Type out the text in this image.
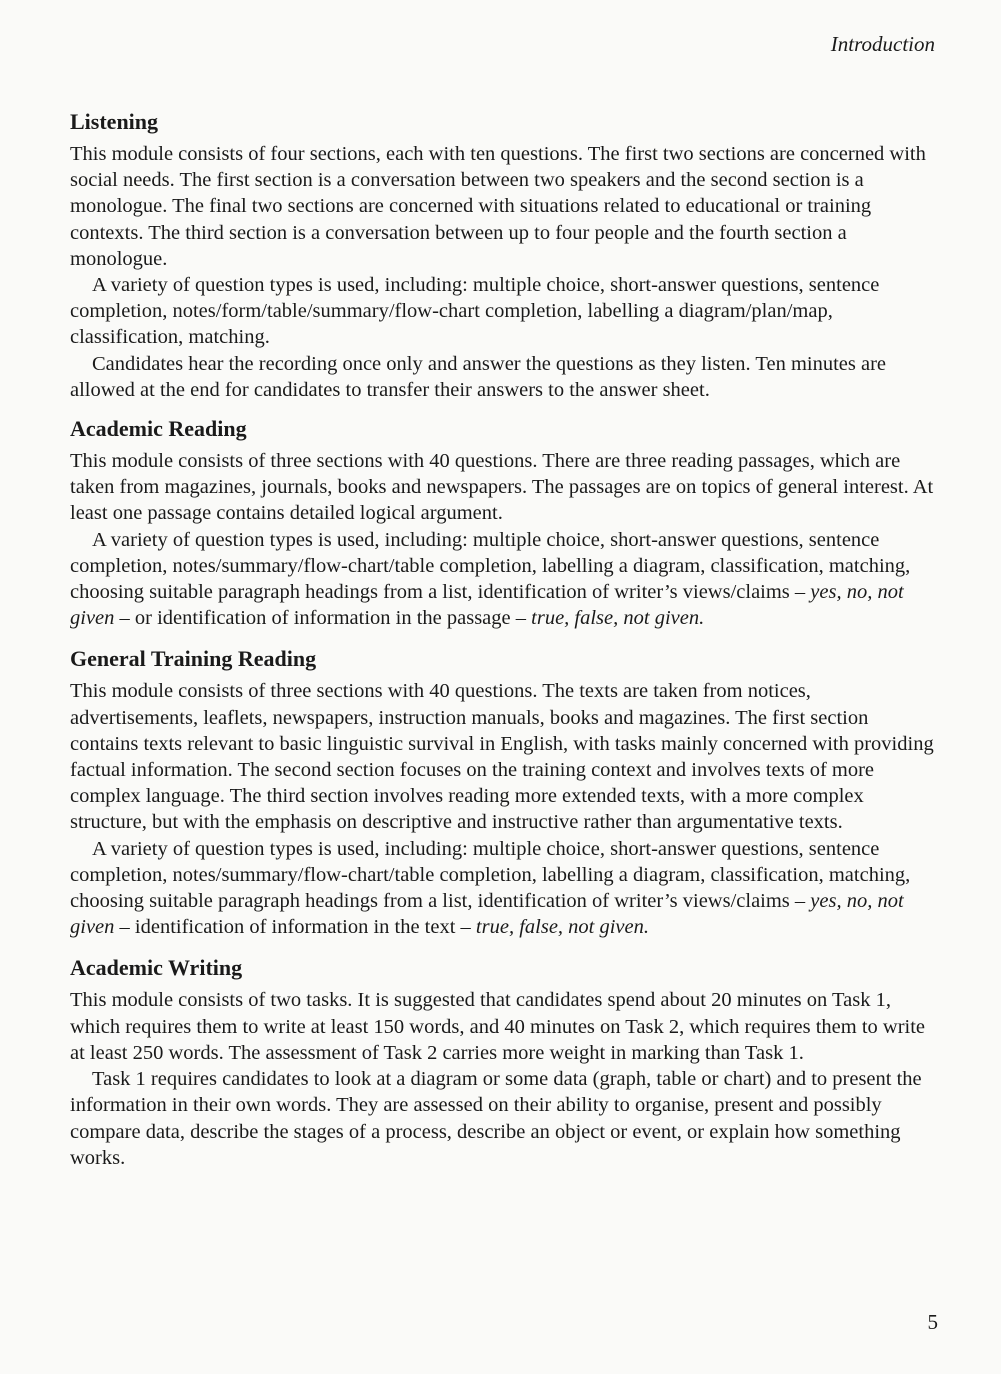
Introduction
Listening

This module consists of four sections, each with ten questions. The first two sections are concerned with social needs. The first section is a conversation between two speakers and the second section is a monologue. The final two sections are concerned with situations related to educational or training contexts. The third section is a conversation between up to four people and the fourth section a monologue.

A variety of question types is used, including: multiple choice, short-answer questions, sentence completion, notes/form/table/summary/flow-chart completion, labelling a diagram/plan/map, classification, matching.

Candidates hear the recording once only and answer the questions as they listen. Ten minutes are allowed at the end for candidates to transfer their answers to the answer sheet.

Academic Reading

This module consists of three sections with 40 questions. There are three reading passages, which are taken from magazines, journals, books and newspapers. The passages are on topics of general interest. At least one passage contains detailed logical argument.

A variety of question types is used, including: multiple choice, short-answer questions, sentence completion, notes/summary/flow-chart/table completion, labelling a diagram, classification, matching, choosing suitable paragraph headings from a list, identification of writer’s views/claims – yes, no, not given – or identification of information in the passage – true, false, not given.

General Training Reading

This module consists of three sections with 40 questions. The texts are taken from notices, advertisements, leaflets, newspapers, instruction manuals, books and magazines. The first section contains texts relevant to basic linguistic survival in English, with tasks mainly concerned with providing factual information. The second section focuses on the training context and involves texts of more complex language. The third section involves reading more extended texts, with a more complex structure, but with the emphasis on descriptive and instructive rather than argumentative texts.

A variety of question types is used, including: multiple choice, short-answer questions, sentence completion, notes/summary/flow-chart/table completion, labelling a diagram, classification, matching, choosing suitable paragraph headings from a list, identification of writer’s views/claims – yes, no, not given – identification of information in the text – true, false, not given.

Academic Writing

This module consists of two tasks. It is suggested that candidates spend about 20 minutes on Task 1, which requires them to write at least 150 words, and 40 minutes on Task 2, which requires them to write at least 250 words. The assessment of Task 2 carries more weight in marking than Task 1.

Task 1 requires candidates to look at a diagram or some data (graph, table or chart) and to present the information in their own words. They are assessed on their ability to organise, present and possibly compare data, describe the stages of a process, describe an object or event, or explain how something works.

5
